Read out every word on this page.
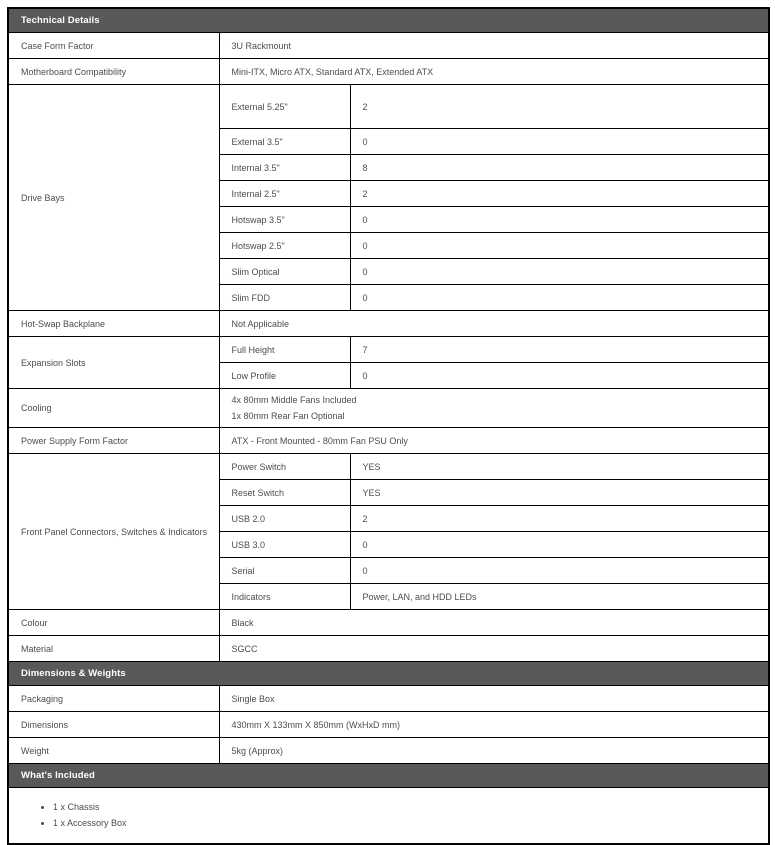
Technical Details		
Case Form Factor	3U Rackmount	
Motherboard Compatibility	Mini-ITX, Micro ATX, Standard ATX, Extended ATX	
Drive Bays	External 5.25"	2
	External 3.5"	0
	Internal 3.5"	8
	Internal 2.5"	2
	Hotswap 3.5"	0
	Hotswap 2.5"	0
	Slim Optical	0
	Slim FDD	0
Hot-Swap Backplane	Not Applicable	
Expansion Slots	Full Height	7
	Low Profile	0
Cooling	4x 80mm Middle Fans Included
1x 80mm Rear Fan Optional	

Power Supply Form Factor	ATX - Front Mounted - 80mm Fan PSU Only	
Front Panel Connectors, Switches & Indicators	Power Switch	YES
	Reset Switch	YES
	USB 2.0	2
	USB 3.0	0
	Serial	0
	Indicators	Power, LAN, and HDD LEDs
Colour	Black	
Material	SGCC	
Dimensions & Weights		
Packaging	Single Box	
Dimensions	430mm X 133mm X 850mm (WxHxD mm)	
Weight	5kg (Approx)	
What's Included		

• 1 x Chassis
• 1 x Accessory Box
